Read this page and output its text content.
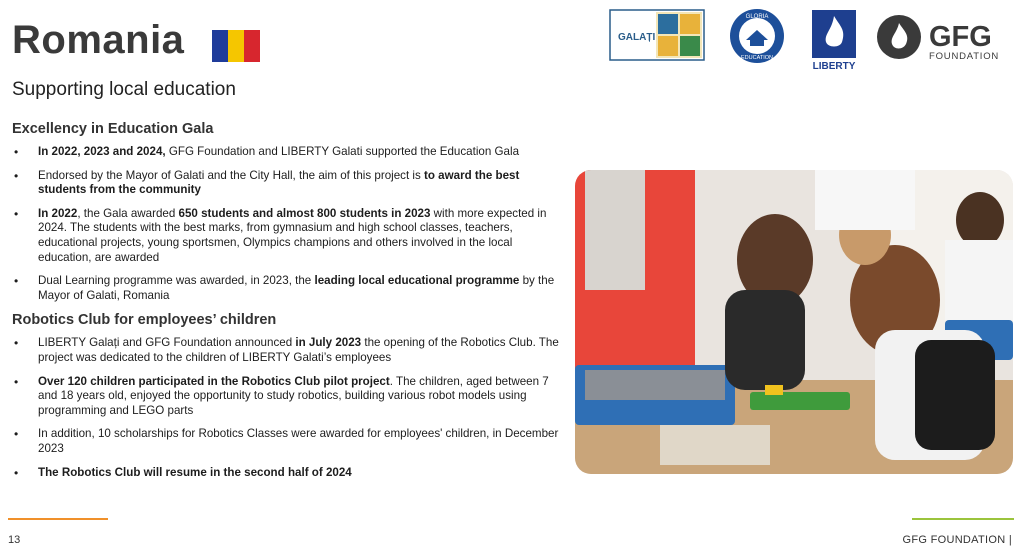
Romania
Supporting local education
GALAȚI
GLORIA
EDUCATION
LIBERTY
GFG
FOUNDATION
Excellency in Education Gala
• In 2022, 2023 and 2024, GFG Foundation and LIBERTY Galati supported the Education Gala
• Endorsed by the Mayor of Galati and the City Hall, the aim of this project is to award the best students from the community
• In 2022, the Gala awarded 650 students and almost 800 students in 2023 with more expected in 2024. The students with the best marks, from gymnasium and high school classes, teachers, educational projects, young sportsmen, Olympics champions and others involved in the local education, are awarded
• Dual Learning programme was awarded, in 2023, the leading local educational programme by the Mayor of Galati, Romania
Robotics Club for employees’ children
• LIBERTY Galați and GFG Foundation announced in July 2023 the opening of the Robotics Club. The project was dedicated to the children of LIBERTY Galati’s employees
• Over 120 children participated in the Robotics Club pilot project. The children, aged between 7 and 18 years old, enjoyed the opportunity to study robotics, building various robot models using programming and LEGO parts
• In addition, 10 scholarships for Robotics Classes were awarded for employees' children, in December 2023
• The Robotics Club will resume in the second half of 2024
13	GFG FOUNDATION |
